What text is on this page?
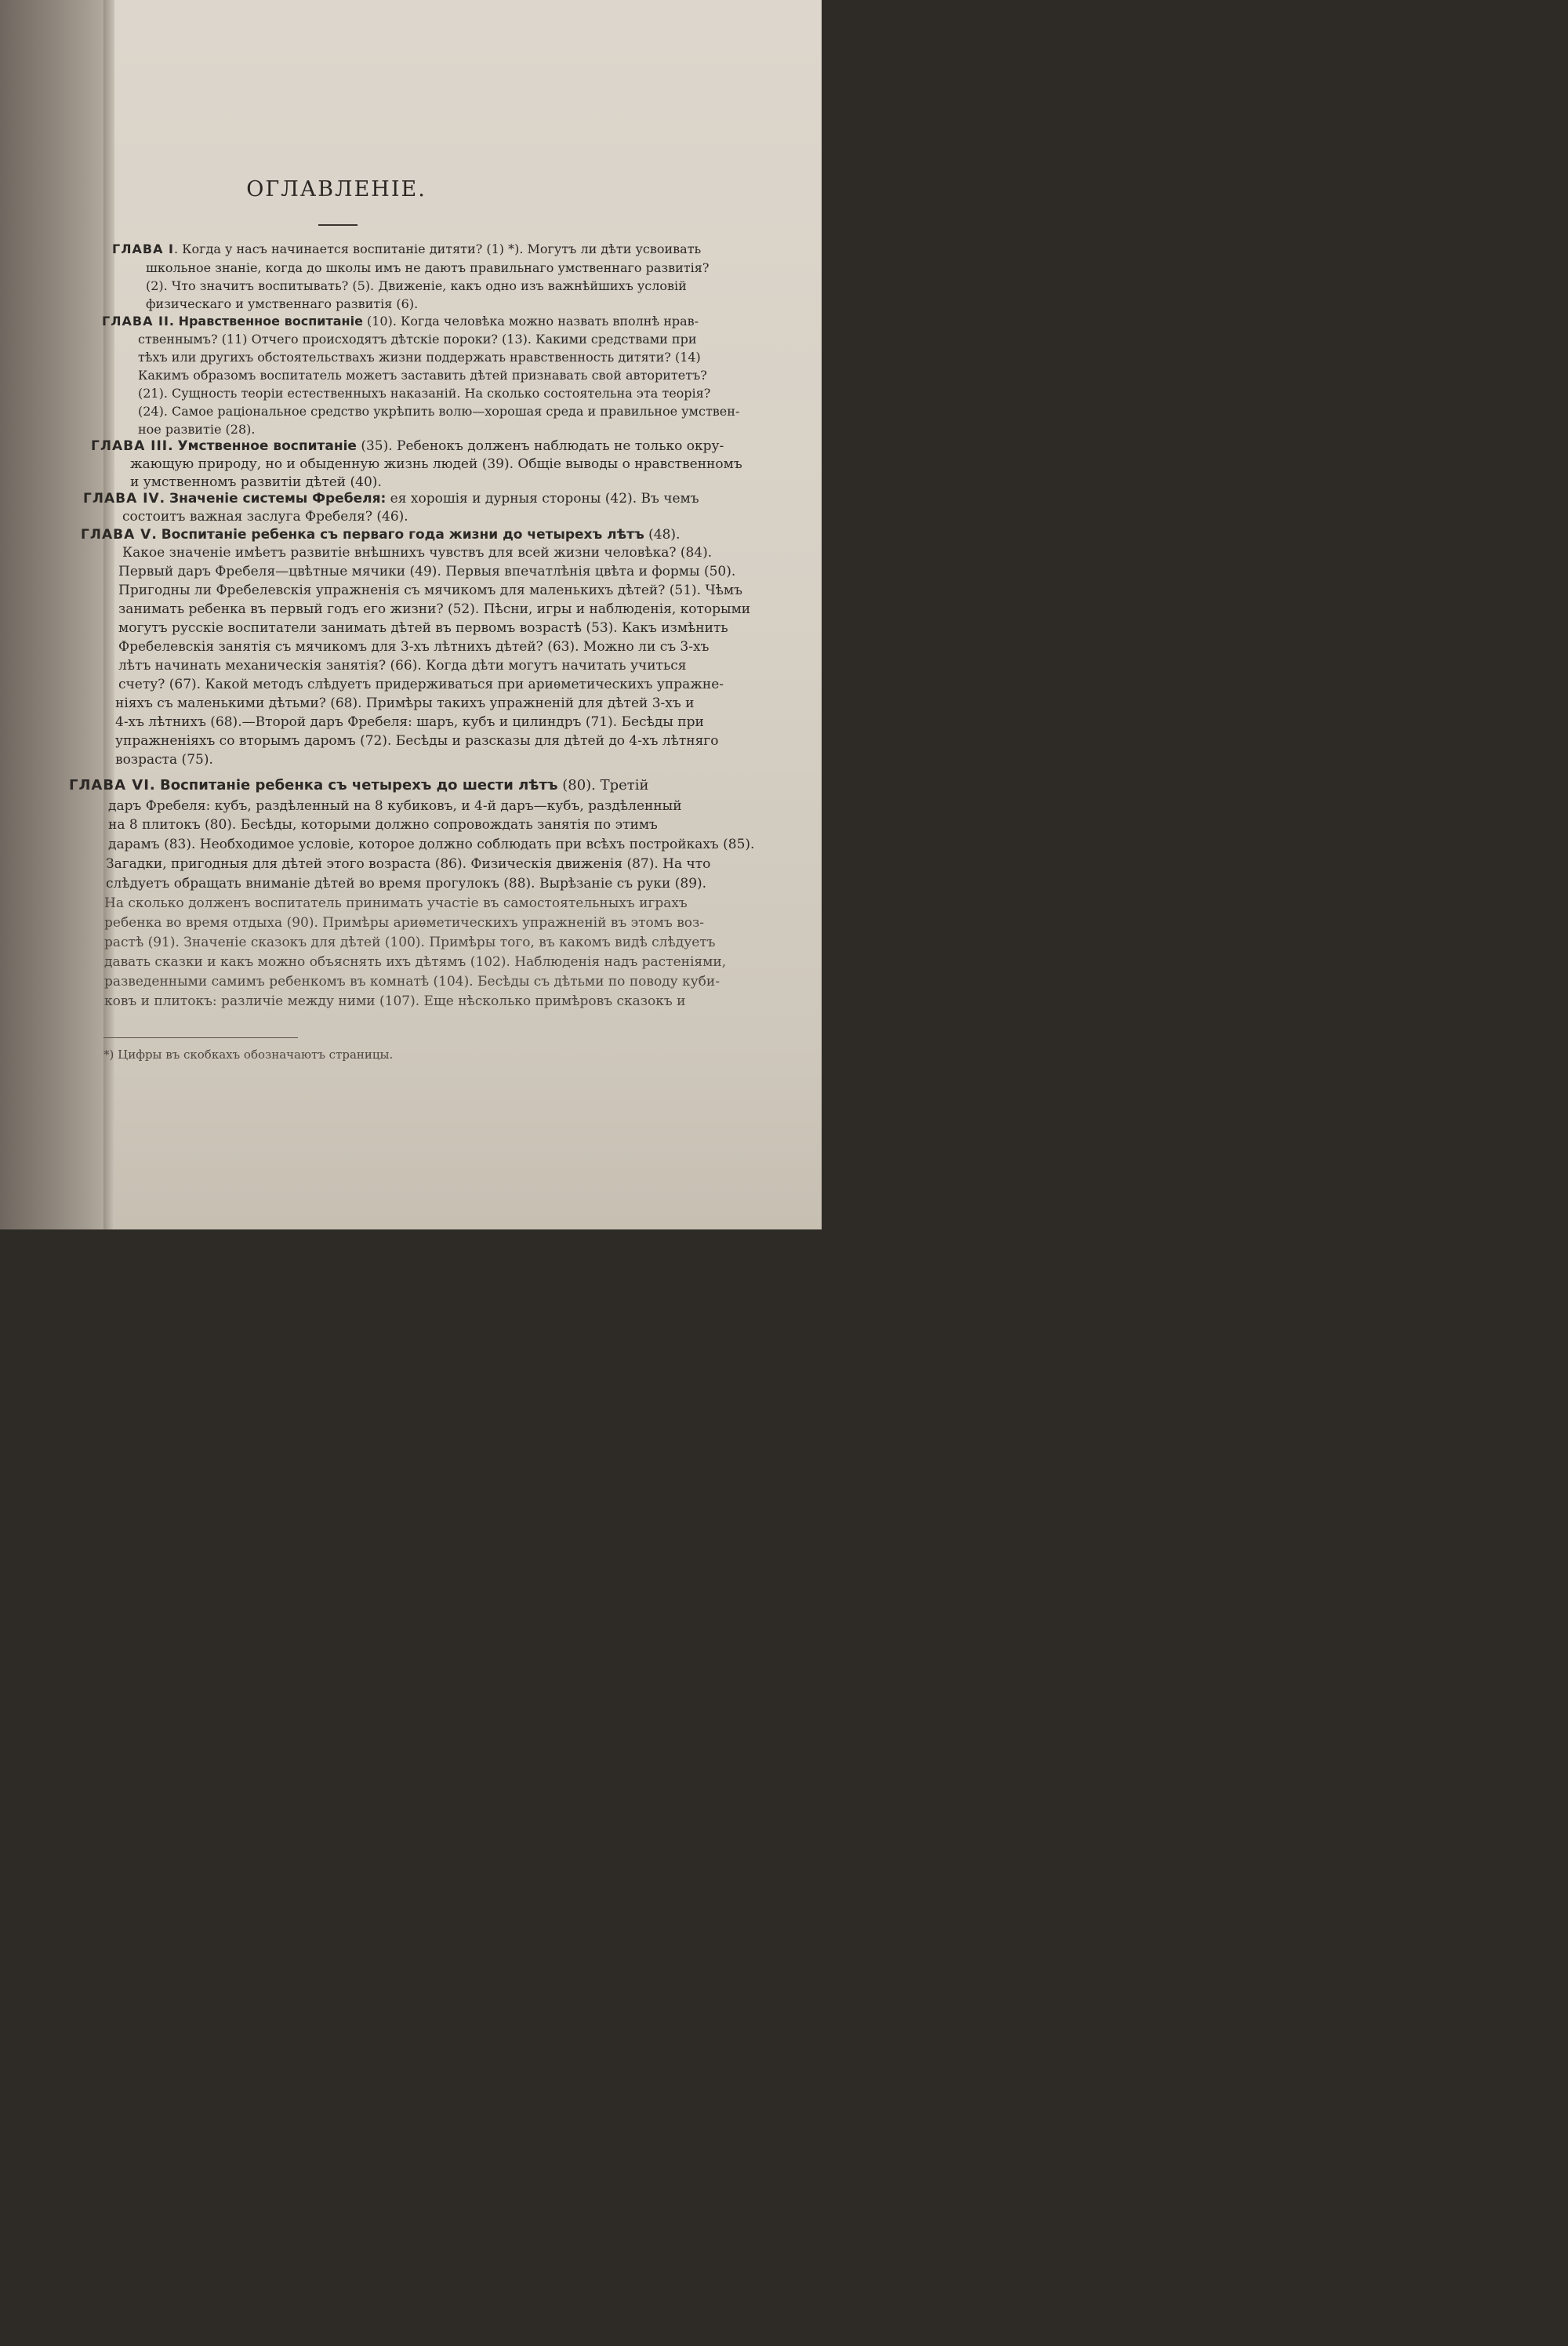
ОГЛАВЛЕНIЕ.
ГЛАВА I. Когда у насъ начинается воспитанiе дитяти? (1) *). Могутъ ли дѣти усвоивать
школьное знанiе, когда до школы имъ не даютъ правильнаго умственнаго развитiя?
(2). Что значитъ воспитывать? (5). Движенiе, какъ одно изъ важнѣйшихъ условiй
физическаго и умственнаго развитiя (6).
ГЛАВА II. Нравственное воспитанiе (10). Когда человѣка можно назвать вполнѣ нрав-
ственнымъ? (11) Отчего происходятъ дѣтскiе пороки? (13). Какими средствами при
тѣхъ или другихъ обстоятельствахъ жизни поддержать нравственность дитяти? (14)
Какимъ образомъ воспитатель можетъ заставить дѣтей признавать свой авторитетъ?
(21). Сущность теорiи естественныхъ наказанiй. На сколько состоятельна эта теорiя?
(24). Самое рацiональное средство укрѣпить волю—хорошая среда и правильное умствен-
ное развитiе (28).
ГЛАВА III. Умственное воспитанiе (35). Ребенокъ долженъ наблюдать не только окру-
жающую природу, но и обыденную жизнь людей (39). Общiе выводы о нравственномъ
и умственномъ развитiи дѣтей (40).
ГЛАВА IV. Значенiе системы Фребеля: ея хорошiя и дурныя стороны (42). Въ чемъ
состоитъ важная заслуга Фребеля? (46).
ГЛАВА V. Воспитанiе ребенка съ перваго года жизни до четырехъ лѣтъ (48).
Какое значенiе имѣетъ развитiе внѣшнихъ чувствъ для всей жизни человѣка? (84).
Первый даръ Фребеля—цвѣтные мячики (49). Первыя впечатлѣнiя цвѣта и формы (50).
Пригодны ли Фребелевскiя упражненiя съ мячикомъ для маленькихъ дѣтей? (51). Чѣмъ
занимать ребенка въ первый годъ его жизни? (52). Пѣсни, игры и наблюденiя, которыми
могутъ русскiе воспитатели занимать дѣтей въ первомъ возрастѣ (53). Какъ измѣнить
Фребелевскiя занятiя съ мячикомъ для 3-хъ лѣтнихъ дѣтей? (63). Можно ли съ 3-хъ
лѣтъ начинать механическiя занятiя? (66). Когда дѣти могутъ начитать учиться
счету? (67). Какой методъ слѣдуетъ придерживаться при ариѳметическихъ упражне-
нiяхъ съ маленькими дѣтьми? (68). Примѣры такихъ упражненiй для дѣтей 3-хъ и
4-хъ лѣтнихъ (68).—Второй даръ Фребеля: шаръ, кубъ и цилиндръ (71). Бесѣды при
упражненiяхъ со вторымъ даромъ (72). Бесѣды и разсказы для дѣтей до 4-хъ лѣтняго
возраста (75).
ГЛАВА VI. Воспитанiе ребенка съ четырехъ до шести лѣтъ (80). Третiй
даръ Фребеля: кубъ, раздѣленный на 8 кубиковъ, и 4-й даръ—кубъ, раздѣленный
на 8 плитокъ (80). Бесѣды, которыми должно сопровождать занятiя по этимъ
дарамъ (83). Необходимое условiе, которое должно соблюдать при всѣхъ постройкахъ (85).
Загадки, пригодныя для дѣтей этого возраста (86). Физическiя движенiя (87). На что
слѣдуетъ обращать вниманiе дѣтей во время прогулокъ (88). Вырѣзанiе съ руки (89).
На сколько долженъ воспитатель принимать участiе въ самостоятельныхъ играхъ
ребенка во время отдыха (90). Примѣры ариѳметическихъ упражненiй въ этомъ воз-
растѣ (91). Значенiе сказокъ для дѣтей (100). Примѣры того, въ какомъ видѣ слѣдуетъ
давать сказки и какъ можно объяснять ихъ дѣтямъ (102). Наблюденiя надъ растенiями,
разведенными самимъ ребенкомъ въ комнатѣ (104). Бесѣды съ дѣтьми по поводу куби-
ковъ и плитокъ: различiе между ними (107). Еще нѣсколько примѣровъ сказокъ и
*) Цифры въ скобкахъ обозначаютъ страницы.
